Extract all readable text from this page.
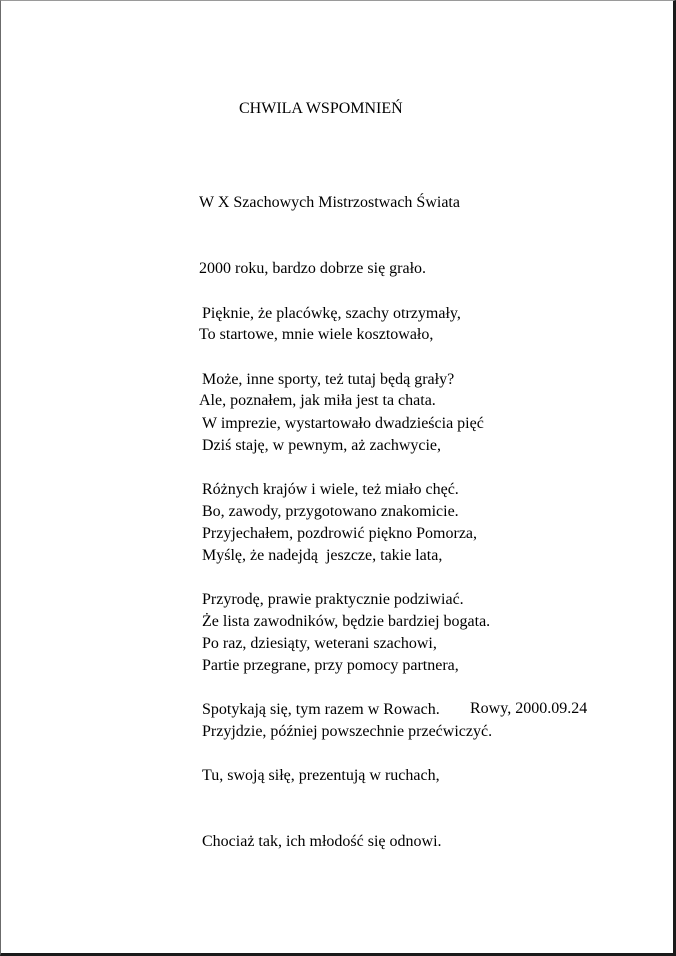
CHWILA WSPOMNIEŃ

W X Szachowych Mistrzostwach Świata

2000 roku, bardzo dobrze się grało.

To startowe, mnie wiele kosztowało,

Ale, poznałem, jak miła jest ta chata.

Pięknie, że placówkę, szachy otrzymały,

Może, inne sporty, też tutaj będą grały?

Dziś staję, w pewnym, aż zachwycie,

Bo, zawody, przygotowano znakomicie.

W imprezie, wystartowało dwadzieścia pięć

Różnych krajów i wiele, też miało chęć.

Myślę, że nadejdą  jeszcze, takie lata,

Że lista zawodników, będzie bardziej bogata.

Przyjechałem, pozdrowić piękno Pomorza,

Przyrodę, prawie praktycznie podziwiać.

Partie przegrane, przy pomocy partnera,

Przyjdzie, później powszechnie przećwiczyć.

Po raz, dziesiąty, weterani szachowi,

Spotykają się, tym razem w Rowach.

Tu, swoją siłę, prezentują w ruchach,

Chociaż tak, ich młodość się odnowi.

Rowy, 2000.09.24
